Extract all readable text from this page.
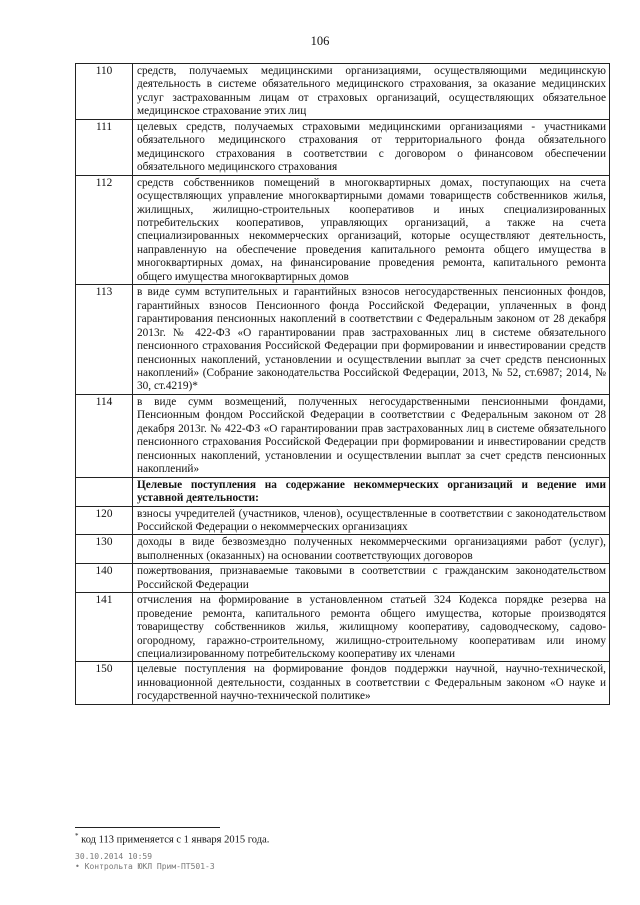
106
110	средств, получаемых медицинскими организациями, осуществляющими медицинскую деятельность в системе обязательного медицинского страхования, за оказание медицинских услуг застрахованным лицам от страховых организаций, осуществляющих обязательное медицинское страхование этих лиц
111	целевых средств, получаемых страховыми медицинскими организациями - участниками обязательного медицинского страхования от территориального фонда обязательного медицинского страхования в соответствии с договором о финансовом обеспечении обязательного медицинского страхования
112	средств собственников помещений в многоквартирных домах, поступающих на счета осуществляющих управление многоквартирными домами товариществ собственников жилья, жилищных, жилищно-строительных кооперативов и иных специализированных потребительских кооперативов, управляющих организаций, а также на счета специализированных некоммерческих организаций, которые осуществляют деятельность, направленную на обеспечение проведения капитального ремонта общего имущества в многоквартирных домах, на финансирование проведения ремонта, капитального ремонта общего имущества многоквартирных домов
113	в виде сумм вступительных и гарантийных взносов негосударственных пенсионных фондов, гарантийных взносов Пенсионного фонда Российской Федерации, уплаченных в фонд гарантирования пенсионных накоплений в соответствии с Федеральным законом от 28 декабря 2013г. № 422-ФЗ «О гарантировании прав застрахованных лиц в системе обязательного пенсионного страхования Российской Федерации при формировании и инвестировании средств пенсионных накоплений, установлении и осуществлении выплат за счет средств пенсионных накоплений» (Собрание законодательства Российской Федерации, 2013, № 52, ст.6987; 2014, № 30, ст.4219)*
114	в виде сумм возмещений, полученных негосударственными пенсионными фондами, Пенсионным фондом Российской Федерации в соответствии с Федеральным законом от 28 декабря 2013г. № 422-ФЗ «О гарантировании прав застрахованных лиц в системе обязательного пенсионного страхования Российской Федерации при формировании и инвестировании средств пенсионных накоплений, установлении и осуществлении выплат за счет средств пенсионных накоплений»
	Целевые поступления на содержание некоммерческих организаций и ведение ими уставной деятельности:
120	взносы учредителей (участников, членов), осуществленные в соответствии с законодательством Российской Федерации о некоммерческих организациях
130	доходы в виде безвозмездно полученных некоммерческими организациями работ (услуг), выполненных (оказанных) на основании соответствующих договоров
140	пожертвования, признаваемые таковыми в соответствии с гражданским законодательством Российской Федерации
141	отчисления на формирование в установленном статьей 324 Кодекса порядке резерва на проведение ремонта, капитального ремонта общего имущества, которые производятся товариществу собственников жилья, жилищному кооперативу, садоводческому, садово-огородному, гаражно-строительному, жилищно-строительному кооперативам или иному специализированному потребительскому кооперативу их членами
150	целевые поступления на формирование фондов поддержки научной, научно-технической, инновационной деятельности, созданных в соответствии с Федеральным законом «О науке и государственной научно-технической политике»
* код 113 применяется с 1 января 2015 года.
30.10.2014 10:59
• Контрольта ЮКЛ Прим-ПТ501-3
